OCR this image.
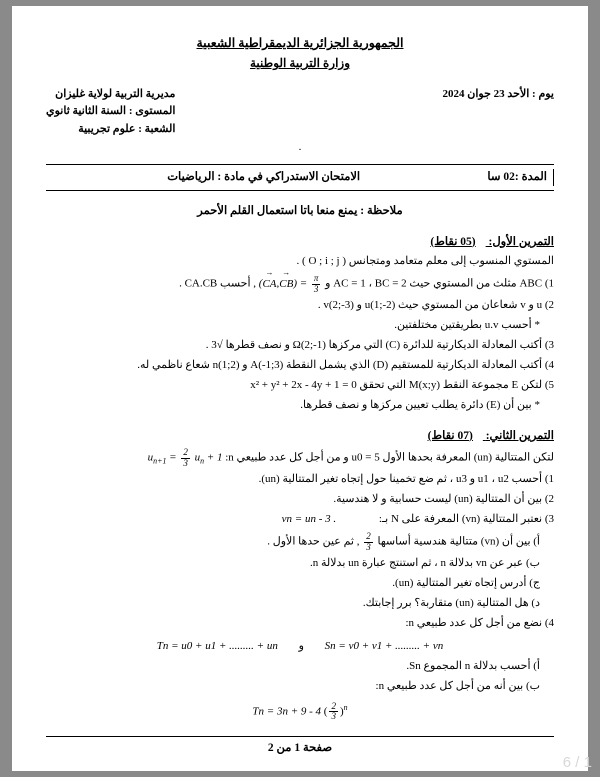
الجمهورية الجزائرية الديمقراطية الشعبية
وزارة التربية الوطنية
يوم : الأحد 23 جوان 2024
مديرية التربية لولاية غليزان
المستوى : السنة الثانية ثانوي
الشعبة : علوم تجريبية
.
المدة :02 سا
الامتحان الاستدراكي في مادة : الرياضيات
ملاحظة : يمنع منعا باتا استعمال القلم الأحمر
التمرين الأول: (05 نقاط)

المستوي المنسوب إلى معلم متعامد ومتجانس ( O ; i ; j ) .

1) ABC مثلث من المستوي حيث AC = 1 ، BC = 2 و (→ $CA,\to CB) = \frac{\pi}{3}$
, أحسب CA.CB .

2) u و v شعاعان من المستوي حيث u(1;-2) و v(2;-3) .

* أحسب u.v بطريقتين مختلفتين.

3) أكتب المعادلة الديكارتية للدائرة (C) التي مركزها Ω(2;-1) و نصف قطرها √3 .

4) أكتب المعادلة الديكارتية للمستقيم (D) الذي يشمل النقطة A(-1;3) و n(1;2) شعاع ناظمي له.

5) لتكن E مجموعة النقط M(x;y) التي تحقق x² + y² + 2x - 4y + 1 = 0

* بين أن (E) دائرة يطلب تعيين مركزها و نصف قطرها.

التمرين الثاني: (07 نقاط)

لتكن المتتالية (un) المعرفة بحدها الأول u0 = 5 و من أجل كل عدد طبيعي n: $u_{n+1} = \frac{2}{3} u_n + 1$

1) أحسب u1 ، u2 و u3 ، ثم ضع تخمينا حول إتجاه تغير المتتالية (un).

2) بين أن المتتالية (un) ليست حسابية و لا هندسية.

3) نعتبر المتتالية (vn) المعرفة على N بـ: vn = un - 3 .

أ) بين أن (vn) متتالية هندسية أساسها
$\frac{2}{3}$
, ثم عين حدها الأول .

ب) عبر عن vn بدلالة n ، ثم استنتج عبارة un بدلالة n.

ج) أدرس إتجاه تغير المتتالية (un).

د) هل المتتالية (un) متقاربة؟ برر إجابتك.

4) نضع من أجل كل عدد طبيعي n:

Tn = u0 + u1 + ......... + un و Sn = v0 + v1 + ......... + vn

أ) أحسب بدلالة n المجموع Sn.

ب) بين أنه من أجل كل عدد طبيعي n:

Tn = 3n + 9 - 4 ( $\frac{2}{3} )^n$
صفحة 1 من 2
1 / 6
